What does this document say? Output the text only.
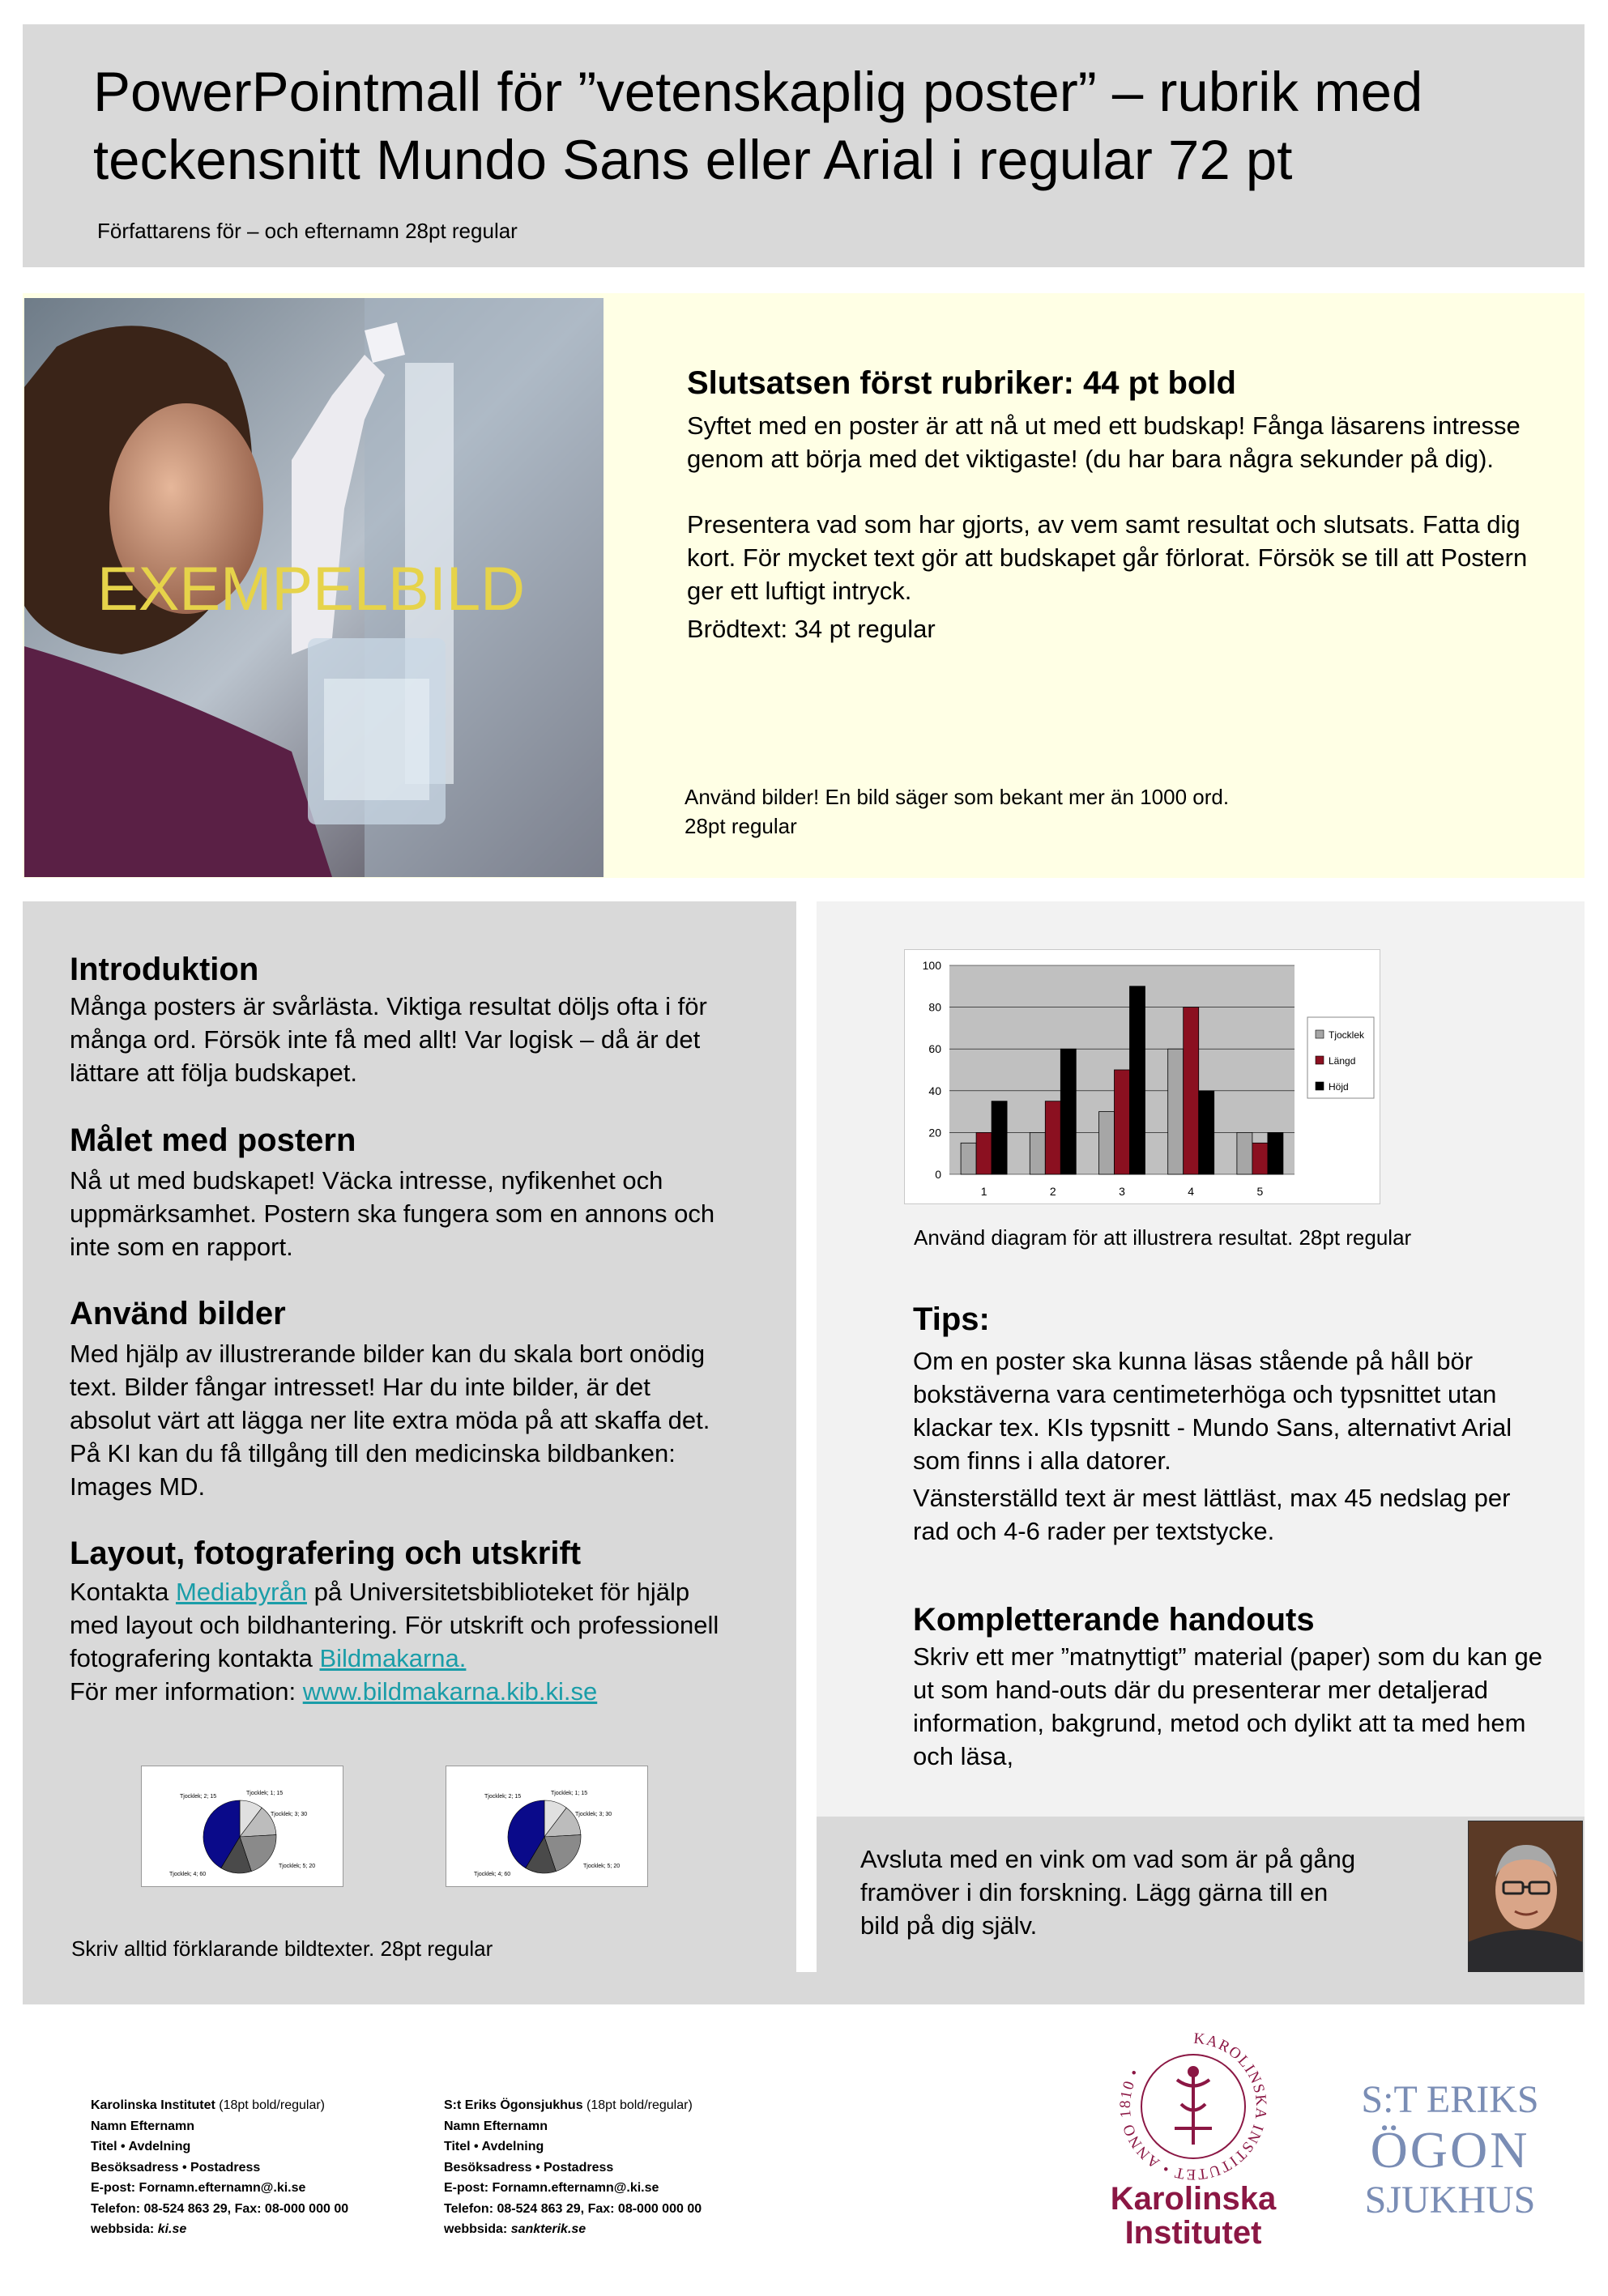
PowerPointmall för ”vetenskaplig poster” – rubrik med
teckensnitt Mundo Sans eller Arial i regular 72 pt
Författarens för – och efternamn 28pt regular
EXEMPELBILD
Slutsatsen först rubriker: 44 pt bold

Syftet med en poster är att nå ut med ett budskap! Fånga läsarens intresse genom att börja med det viktigaste! (du har bara några sekunder på dig).

Presentera vad som har gjorts, av vem samt resultat och slutsats. Fatta dig kort. För mycket text gör att budskapet går förlorat. Försök se till att Postern ger ett luftigt intryck.

Brödtext: 34 pt regular

Använd bilder! En bild säger som bekant mer än 1000 ord. 28pt regular
Introduktion

Många posters är svårlästa. Viktiga resultat döljs ofta i för många ord. Försök inte få med allt! Var logisk – då är det lättare att följa budskapet.

Målet med postern

Nå ut med budskapet! Väcka intresse, nyfikenhet och uppmärksamhet. Postern ska fungera som en annons och inte som en rapport.

Använd bilder

Med hjälp av illustrerande bilder kan du skala bort onödig text. Bilder fångar intresset! Har du inte bilder, är det absolut värt att lägga ner lite extra möda på att skaffa det. På KI kan du få tillgång till den medicinska bildbanken: Images MD.

Layout, fotografering och utskrift

Kontakta Mediabyrån på Universitetsbiblioteket för hjälp med layout och bildhantering. För utskrift och professionell fotografering kontakta Bildmakarna.
För mer information: www.bildmakarna.kib.ki.se

Tjocklek; 2; 15
Tjocklek; 1; 15
Tjocklek; 3; 30
Tjocklek; 4; 60
Tjocklek; 5; 20
Tjocklek; 2; 15
Tjocklek; 1; 15
Tjocklek; 3; 30
Tjocklek; 4; 60
Tjocklek; 5; 20
Skriv alltid förklarande bildtexter. 28pt regular
0
20
40
60
80
100
1	2	3	4	5
Tjocklek
Längd
Höjd
Använd diagram för att illustrera resultat. 28pt regular
Tips:

Om en poster ska kunna läsas stående på håll bör bokstäverna vara centimeterhöga och typsnittet utan klackar tex. KIs typsnitt - Mundo Sans, alternativt Arial som finns i alla datorer.

Vänsterställd text är mest lättläst, max 45 nedslag per rad och 4-6 rader per textstycke.

Kompletterande handouts

Skriv ett mer ”matnyttigt” material (paper) som du kan ge ut som hand-outs där du presenterar mer detaljerad information, bakgrund, metod och dylikt att ta med hem och läsa,

Avsluta med en vink om vad som är på gång framöver i din forskning. Lägg gärna till en bild på dig själv.
Karolinska Institutet (18pt bold/regular)
Namn Efternamn
Titel • Avdelning
Besöksadress • Postadress
E-post: Fornamn.efternamn@.ki.se
Telefon: 08-524 863 29, Fax: 08-000 000 00
webbsida: ki.se
S:t Eriks Ögonsjukhus (18pt bold/regular)
Namn Efternamn
Titel • Avdelning
Besöksadress • Postadress
E-post: Fornamn.efternamn@.ki.se
Telefon: 08-524 863 29, Fax: 08-000 000 00
webbsida: sankterik.se
KAROLINSKA INSTITUTET • ANNO 1810 •
Karolinska
Institutet
S:T ERIKS
ÖGON
SJUKHUS
